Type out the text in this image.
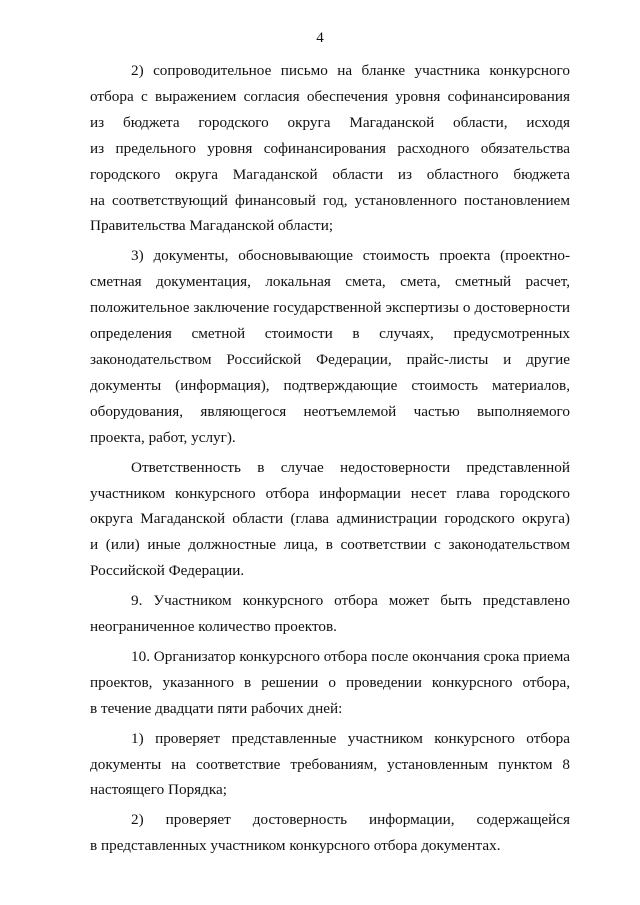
4

2) сопроводительное письмо на бланке участника конкурсного
отбора с выражением согласия обеспечения уровня софинансирования
из бюджета городского округа Магаданской области, исходя
из предельного уровня софинансирования расходного обязательства
городского округа Магаданской области из областного бюджета
на соответствующий финансовый год, установленного постановлением
Правительства Магаданской области;

3) документы, обосновывающие стоимость проекта (проектно-
сметная документация, локальная смета, смета, сметный расчет,
положительное заключение государственной экспертизы о достоверности
определения сметной стоимости в случаях, предусмотренных
законодательством Российской Федерации, прайс-листы и другие
документы (информация), подтверждающие стоимость материалов,
оборудования, являющегося неотъемлемой частью выполняемого
проекта, работ, услуг).

Ответственность в случае недостоверности представленной
участником конкурсного отбора информации несет глава городского
округа Магаданской области (глава администрации городского округа)
и (или) иные должностные лица, в соответствии с законодательством
Российской Федерации.

9. Участником конкурсного отбора может быть представлено
неограниченное количество проектов.

10. Организатор конкурсного отбора после окончания срока приема
проектов, указанного в решении о проведении конкурсного отбора,
в течение двадцати пяти рабочих дней:

1) проверяет представленные участником конкурсного отбора
документы на соответствие требованиям, установленным пунктом 8
настоящего Порядка;

2) проверяет достоверность информации, содержащейся
в представленных участником конкурсного отбора документах.
